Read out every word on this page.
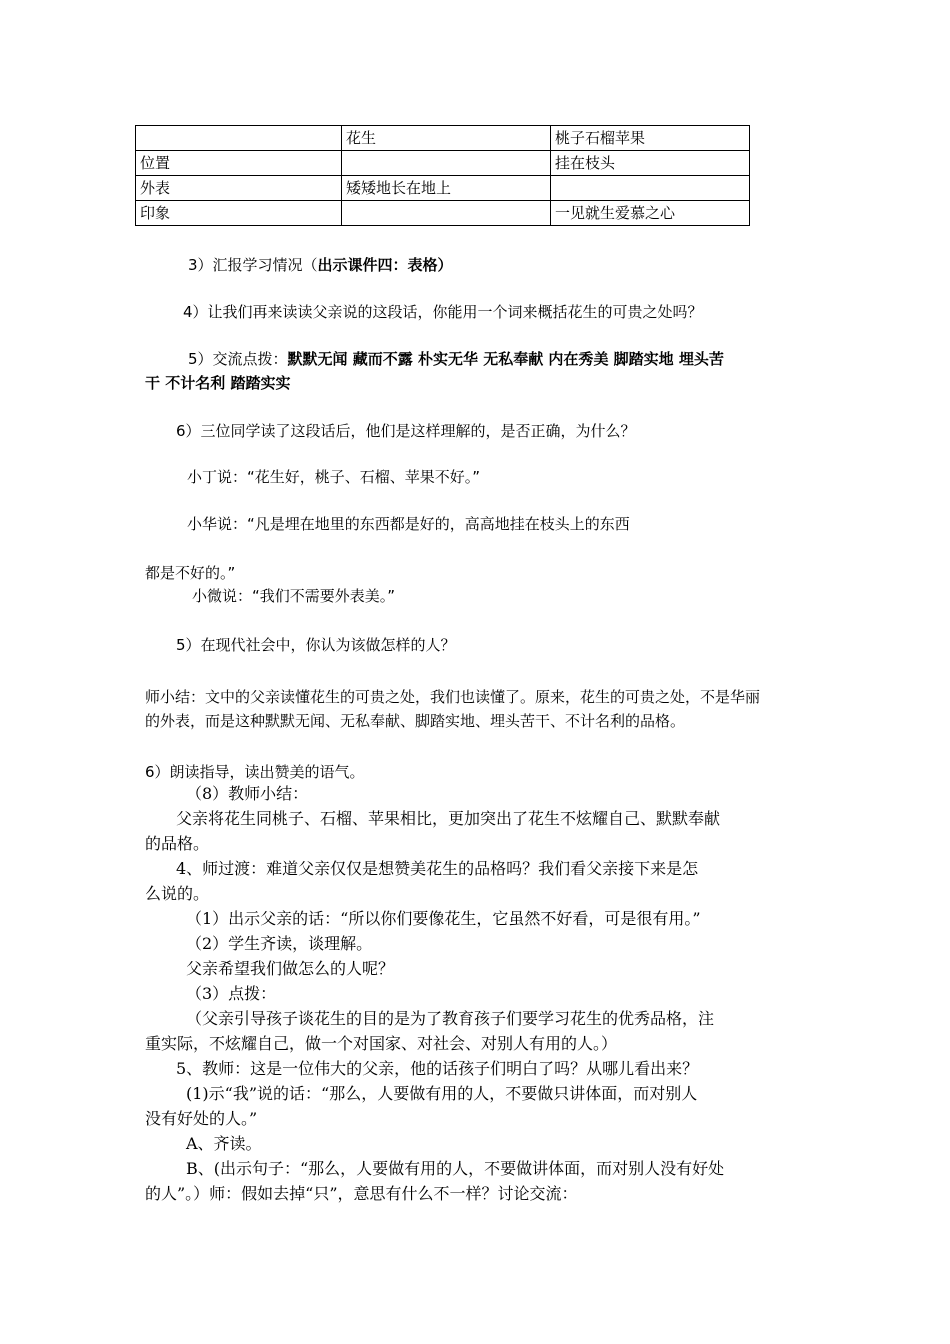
	花生	桃子石榴苹果
位置		挂在枝头
外表	矮矮地长在地上	
印象		一见就生爱慕之心
3）汇报学习情况（出示课件四：表格）
4）让我们再来读读父亲说的这段话，你能用一个词来概括花生的可贵之处吗？
5）交流点拨：默默无闻 藏而不露 朴实无华 无私奉献 内在秀美 脚踏实地 埋头苦
干 不计名利 踏踏实实
6）三位同学读了这段话后，他们是这样理解的，是否正确，为什么？
小丁说：“花生好，桃子、石榴、苹果不好。”
小华说：“凡是埋在地里的东西都是好的，高高地挂在枝头上的东西
都是不好的。”
小微说：“我们不需要外表美。”
5）在现代社会中，你认为该做怎样的人？
师小结：文中的父亲读懂花生的可贵之处，我们也读懂了。原来，花生的可贵之处，不是华丽
的外表，而是这种默默无闻、无私奉献、脚踏实地、埋头苦干、不计名利的品格。
6）朗读指导，读出赞美的语气。
（8）教师小结：
父亲将花生同桃子、石榴、苹果相比，更加突出了花生不炫耀自己、默默奉献
的品格。
4、师过渡：难道父亲仅仅是想赞美花生的品格吗？我们看父亲接下来是怎
么说的。
（1）出示父亲的话：“所以你们要像花生，它虽然不好看，可是很有用。”
（2）学生齐读，谈理解。
父亲希望我们做怎么的人呢？
（3）点拨：
（父亲引导孩子谈花生的目的是为了教育孩子们要学习花生的优秀品格，注
重实际，不炫耀自己，做一个对国家、对社会、对别人有用的人。）
5、教师：这是一位伟大的父亲，他的话孩子们明白了吗？从哪儿看出来？
(1)示“我”说的话：“那么，人要做有用的人，不要做只讲体面，而对别人
没有好处的人。”
A、齐读。
B、(出示句子：“那么，人要做有用的人，不要做讲体面，而对别人没有好处
的人”。）师：假如去掉“只”，意思有什么不一样？讨论交流：
